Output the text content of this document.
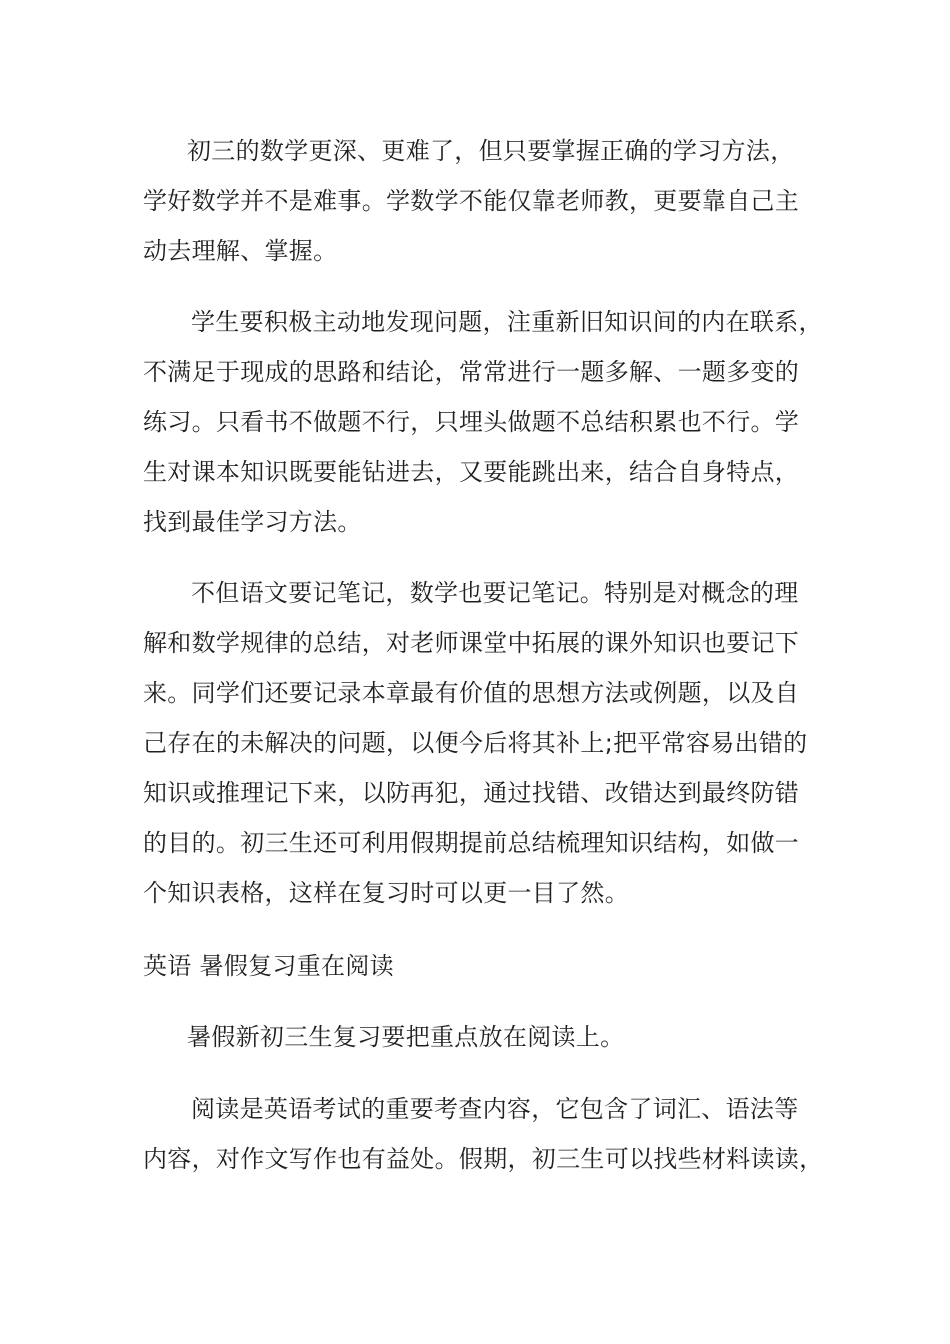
初三的数学更深、更难了，但只要掌握正确的学习方法，
学好数学并不是难事。学数学不能仅靠老师教，更要靠自己主
动去理解、掌握。
学生要积极主动地发现问题，注重新旧知识间的内在联系，
不满足于现成的思路和结论，常常进行一题多解、一题多变的
练习。只看书不做题不行，只埋头做题不总结积累也不行。学
生对课本知识既要能钻进去，又要能跳出来，结合自身特点，
找到最佳学习方法。
不但语文要记笔记，数学也要记笔记。特别是对概念的理
解和数学规律的总结，对老师课堂中拓展的课外知识也要记下
来。同学们还要记录本章最有价值的思想方法或例题，以及自
己存在的未解决的问题，以便今后将其补上;把平常容易出错的
知识或推理记下来，以防再犯，通过找错、改错达到最终防错
的目的。初三生还可利用假期提前总结梳理知识结构，如做一
个知识表格，这样在复习时可以更一目了然。
英语 暑假复习重在阅读
暑假新初三生复习要把重点放在阅读上。
阅读是英语考试的重要考查内容，它包含了词汇、语法等
内容，对作文写作也有益处。假期，初三生可以找些材料读读，
